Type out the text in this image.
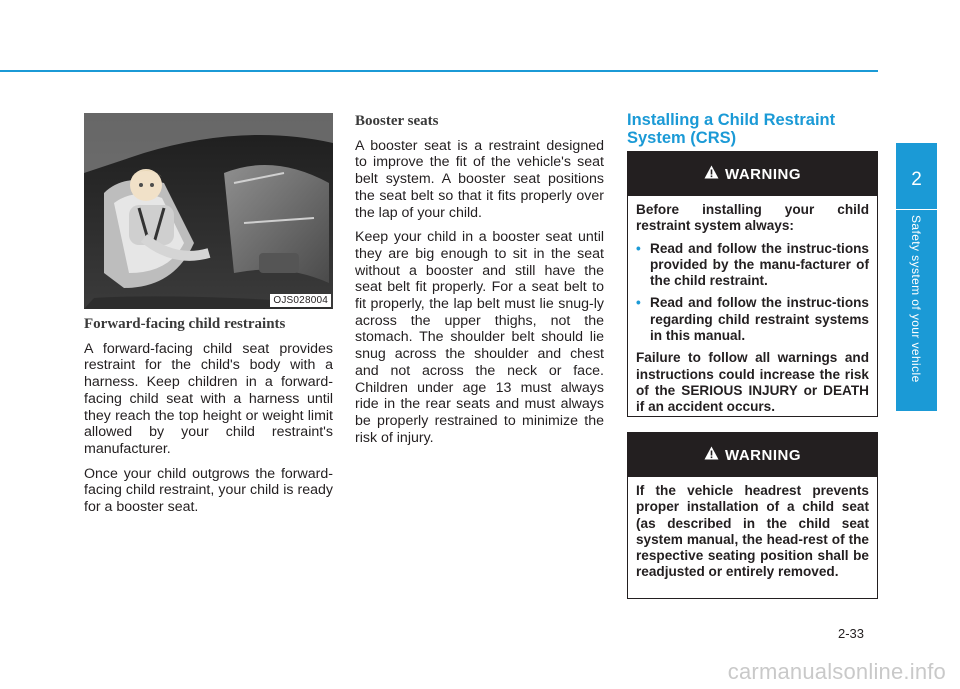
OJS028004
Forward-facing child restraints

A forward-facing child seat provides restraint for the child's body with a harness. Keep children in a forward-facing child seat with a harness until they reach the top height or weight limit allowed by your child restraint's manufacturer.

Once your child outgrows the forward-facing child restraint, your child is ready for a booster seat.

Booster seats

A booster seat is a restraint designed to improve the fit of the vehicle's seat belt system. A booster seat positions the seat belt so that it fits properly over the lap of your child.

Keep your child in a booster seat until they are big enough to sit in the seat without a booster and still have the seat belt fit properly. For a seat belt to fit properly, the lap belt must lie snug-ly across the upper thighs, not the stomach. The shoulder belt should lie snug across the shoulder and chest and not across the neck or face. Children under age 13 must always ride in the rear seats and must always be properly restrained to minimize the risk of injury.

Installing a Child Restraint System (CRS)
WARNING

Before installing your child restraint system always:

• Read and follow the instruc-tions provided by the manu-facturer of the child restraint.
• Read and follow the instruc-tions regarding child restraint systems in this manual.

Failure to follow all warnings and instructions could increase the risk of the SERIOUS INJURY or DEATH if an accident occurs.

WARNING

If the vehicle headrest prevents proper installation of a child seat (as described in the child seat system manual, the head-rest of the respective seating position shall be readjusted or entirely removed.

2
Safety system of your vehicle
2-33
carmanualsonline.info
